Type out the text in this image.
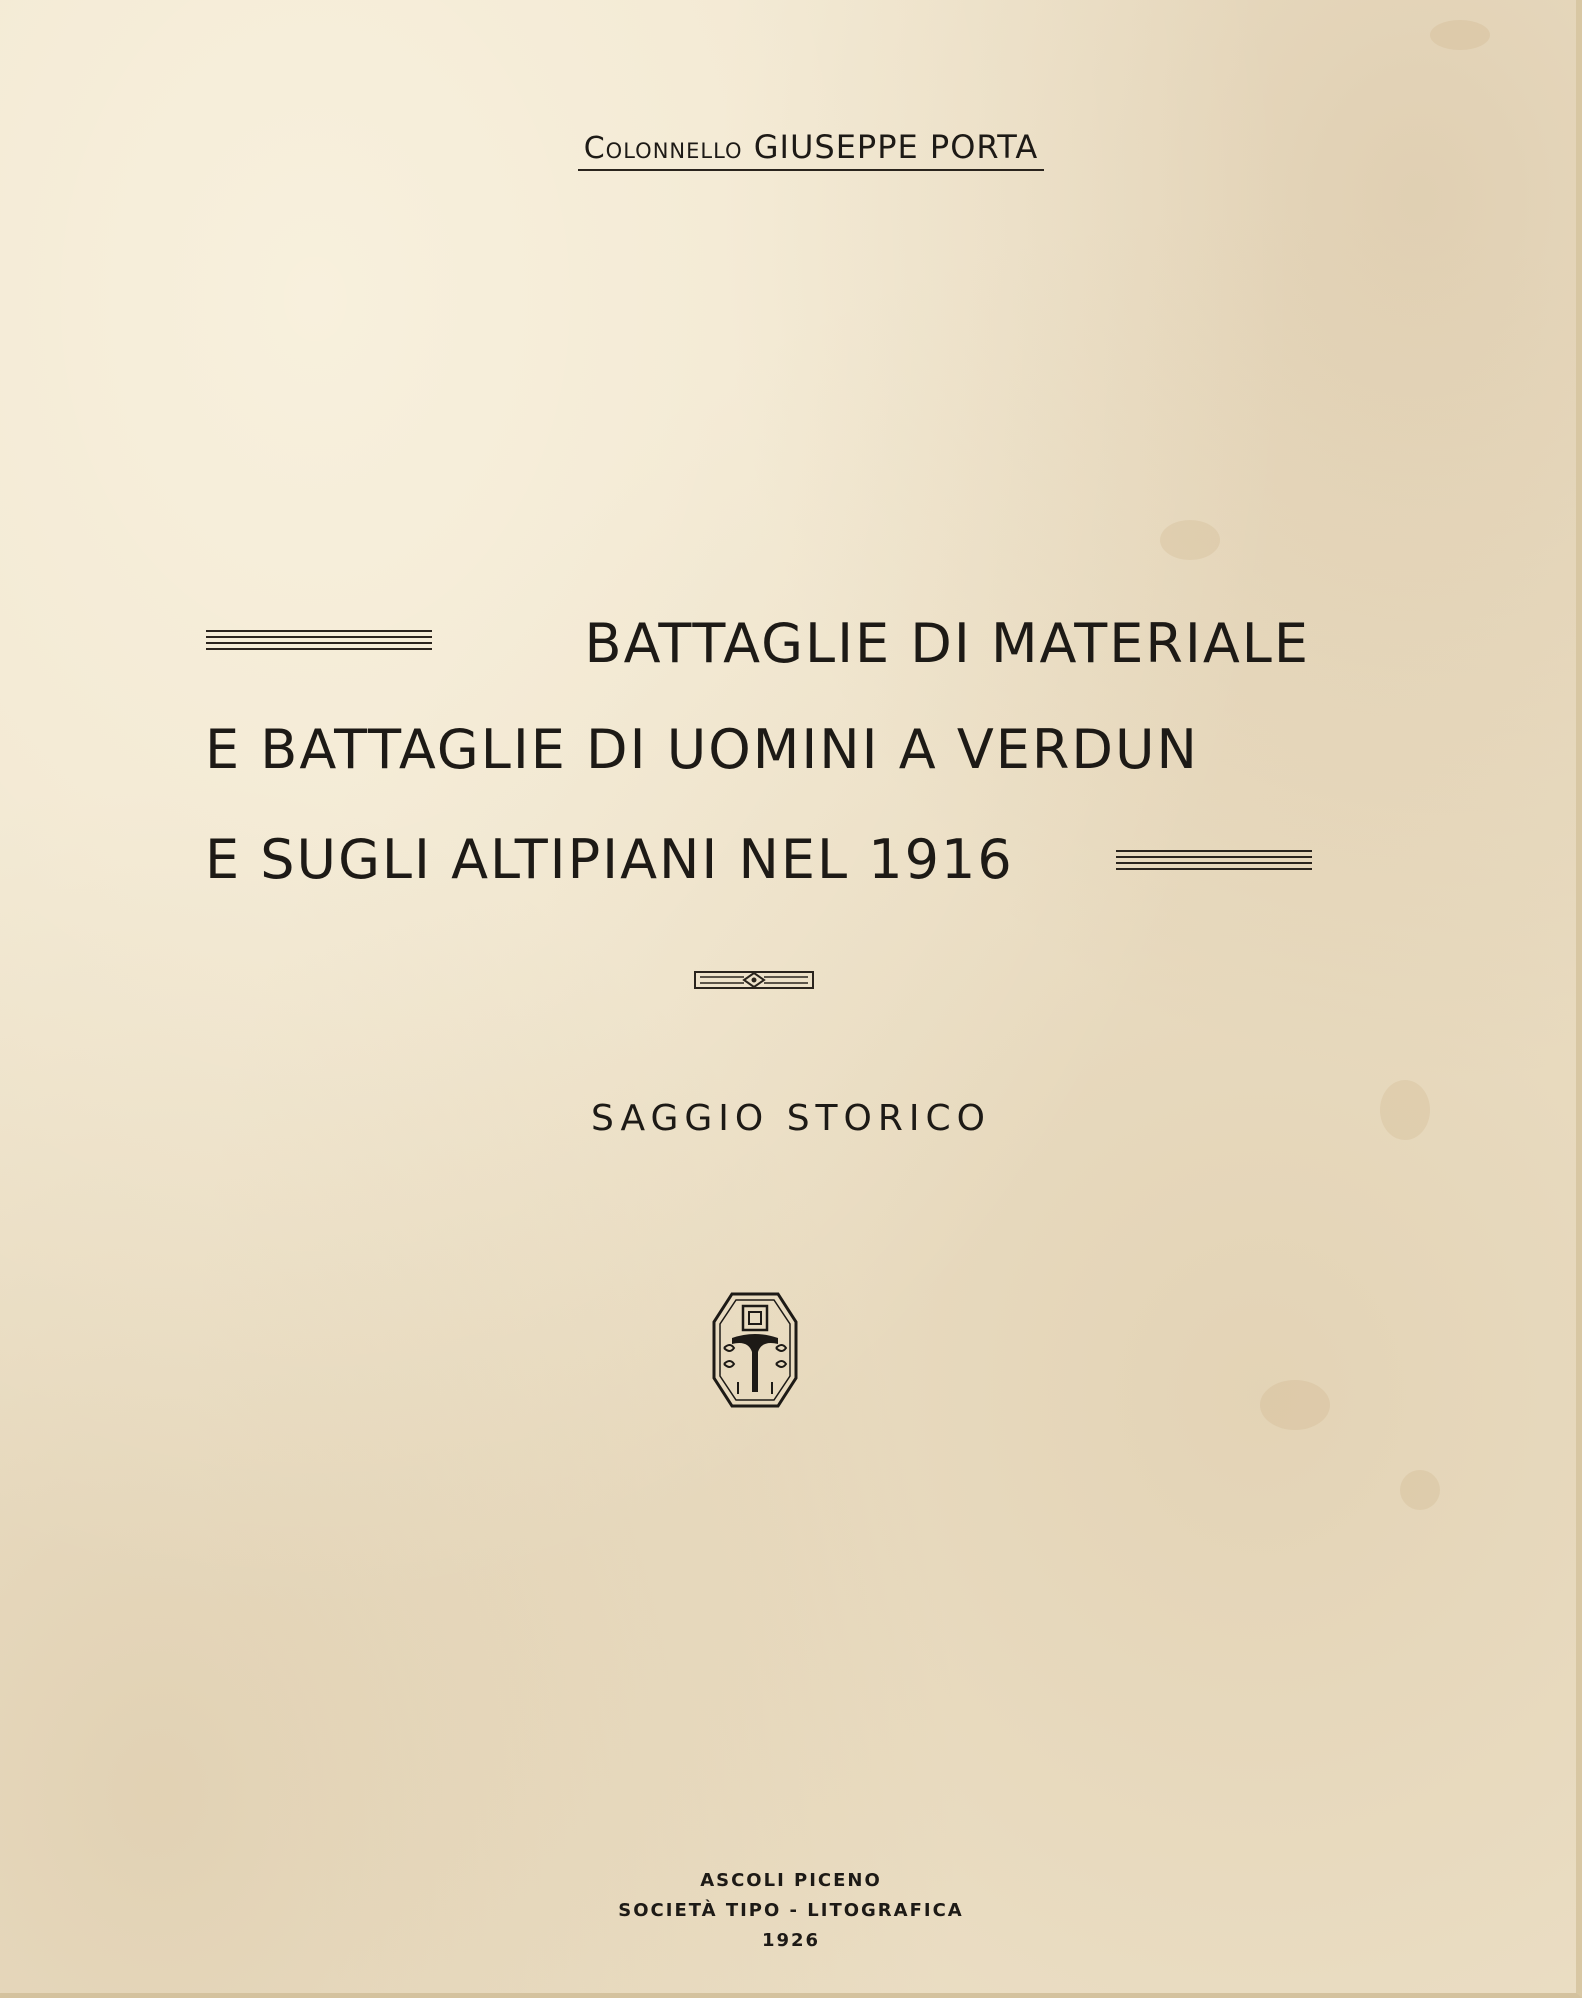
Colonnello GIUSEPPE PORTA
BATTAGLIE DI MATERIALE
E BATTAGLIE DI UOMINI A VERDUN
E SUGLI ALTIPIANI NEL 1916
SAGGIO STORICO
ASCOLI PICENO
SOCIETÀ TIPO - LITOGRAFICA
1926
